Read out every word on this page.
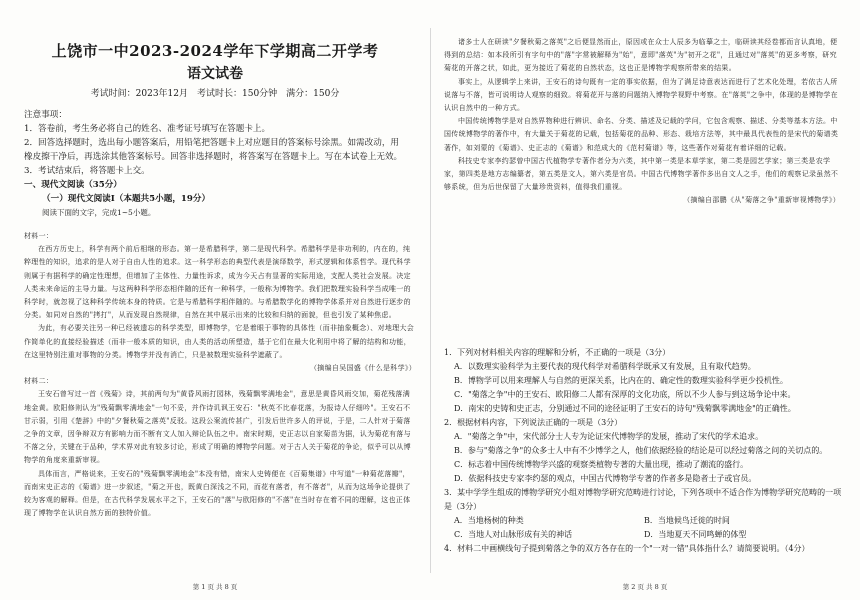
上饶市一中2023-2024学年下学期高二开学考
语文试卷
考试时间：2023年12月　考试时长：150分钟　满分：150分

注意事项：

1．答卷前，考生务必将自己的姓名、准考证号填写在答题卡上。

2．回答选择题时，选出每小题答案后，用铅笔把答题卡上对应题目的答案标号涂黑。如需改动，用

橡皮擦干净后，再选涂其他答案标号。回答非选择题时，将答案写在答题卡上。写在本试卷上无效。

3．考试结束后，将答题卡上交。

一、现代文阅读（35分）

（一）现代文阅读Ⅰ（本题共5小题，19分）

阅读下面的文字，完成1~5小题。

材料一：

在西方历史上，科学有两个前后相继的形态。第一是希腊科学，第二是现代科学。希腊科学是非功利的，内在的，纯粹理性的知识，追求的是人对于自由人性的追求。这一科学形态的典型代表是演绎数学，形式逻辑和体系哲学。现代科学则属于有据科学的确定性理想，但增加了主体性、力量性诉求，成为今天占有显著的实际用途，支配人类社会发展。决定人类未来命运的主导力量。与这两种科学形态相伴随的还有一种科学，一般称为博物学。我们把数理实验科学当成唯一的科学时，就忽视了这种科学传统本身的特质。它是与希腊科学相伴随的。与希腊数学化的博物学体系并对自然进行逐步的分类。如同对自然的"拷打"，从而发现自然规律，自然在其中展示出来的比较和归纳的面貌，但也引发了某种焦虑。

为此，有必要关注另一种已经被遗忘的科学类型，即博物学，它是着眼于事物的具体性（而非抽象概念）、对地理大会作简单化的直接经验描述（而非一般本质的知识，由人类的活动所塑造，基于它们在最大化利用中将了解的结构和功能，在这里特别注重对事物的分类。博物学并没有消亡，只是被数理实验科学遮蔽了。

（摘编自吴国盛《什么是科学》）

材料二：

王安石曾写过一首《残菊》诗，其前两句为"黄昏风雨打园林，残菊飘零满地金"，意思是黄昏风雨交加，菊花残落满地金黄。欧阳修则认为"残菊飘零满地金"一句不妥，并作诗讥讽王安石："秋英不比春花落，为报诗人仔细吟"。王安石不甘示弱，引用《楚辞》中的"夕餐秋菊之落英"反驳。这段公案流传甚广，引发后世许多人的评说，于是，二人针对于菊落之争的文章，因争辩双方有影响力而不断有文人加入辩论队伍之中。南宋时期，史正志以自家菊苗为据，认为菊花有落与不落之分，关键在于品种，学术界对此有较多讨论，形成了明确的博物学问题。对于古人关于菊花的争论，似乎可以从博物学的角度来重新审视。

具体而言，严格说来，王安石的"残菊飘零满地金"本没有错，南宋人史铸便在《百菊集谱》中写道"一种菊花落瓣"，而南宋史正志的《菊谱》进一步叙述，"菊之开也，既黄白深浅之不同，而花有落者，有不落者"，从而为这场争论提供了较为客观的解释。但是，在古代科学发展水平之下，王安石的"落"与欧阳修的"不落"在当时存在着不同的理解，这也正体现了博物学在认识自然方面的独特价值。

第 1 页 共 8 页

诸多士人在研读"夕餐秋菊之落英"之后便显然而止，原因或在众士人辰多为临摹之士，临研读其经卷都而言认真地，便得到的总结：如本段所引有字句中的"落"字常被解释为"始"，意即"落英"为"初开之花"，且通过对"落英"的更多考察，研究菊花的开落之状，如此，更为接近了菊花的自然状态，这也正是博物学观察所带来的结果。

事实上，从逻辑学上来讲，王安石的诗句既有一定的事实依据，但为了满足诗意表达而进行了艺术化处理，若依古人所说落与不落，皆可说明诗人观察的细致。将菊花开与落的问题纳入博物学视野中考察。在"落英"之争中，体现的是博物学在认识自然中的一种方式。

中国传统博物学是对自然界物种进行辨识、命名、分类、描述及记载的学问，它包含观察、描述、分类等基本方法。中国传统博物学的著作中，有大量关于菊花的记载，包括菊花的品种、形态、栽培方法等，其中最具代表性的是宋代的菊谱类著作，如刘蒙的《菊谱》、史正志的《菊谱》和范成大的《范村菊谱》等，这些著作对菊花有着详细的记载。

科技史专家李约瑟曾中国古代植物学专著作者分为六类，其中第一类是本草学家，第二类是园艺学家；第三类是农学家，第四类是地方志编纂者，第五类是文人，第六类是官员。中国古代博物学著作多出自文人之手，他们的观察记录虽然不够系统，但为后世保留了大量珍贵资料，值得我们重视。

（摘编自邵鹏《从"菊落之争"重新审视博物学》）

1．下列对材料相关内容的理解和分析，不正确的一项是（3分）

A．以数理实验科学为主要代表的现代科学对希腊科学既承又有发展，且有取代趋势。

B．博物学可以用来理解人与自然的更深关系，比内在的、确定性的数理实验科学更少投机性。

C．"菊落之争"中的王安石、欧阳修二人都有深厚的文化功底，所以不少人参与到这场争论中来。

D．南宋的史铸和史正志，分别通过不同的途径证明了王安石的诗句"残菊飘零满地金"的正确性。

2．根据材料内容，下列说法正确的一项是（3分）

A．"菊落之争"中，宋代部分士人专为论证宋代博物学的发展，推动了宋代的学术追求。

B．参与"菊落之争"的众多士人中有不少博学之人，他们依据经验的结论是可以经过菊落之问的关切点的。

C．标志着中国传统博物学兴盛的观察类植物专著的大量出现，推动了潮流的盛行。

D．依据科技史专家李约瑟的观点，中国古代博物学专著的作者多是隐者士子或官员。

3．某中学学生组成的博物学研究小组对博物学研究范畴进行讨论，下列各项中不适合作为博物学研究范畴的一项是（3分）

A．当地杨树的种类	B．当地候鸟迁徙的时间
C．当地人对山脉形成有关的神话	D．当地夏天不同鸣蝉的体型

4．材料二中画横线句子提到菊落之争的双方各存在的一个"一对一错"具体指什么？请简要说明。（4分）

第 2 页 共 8 页
